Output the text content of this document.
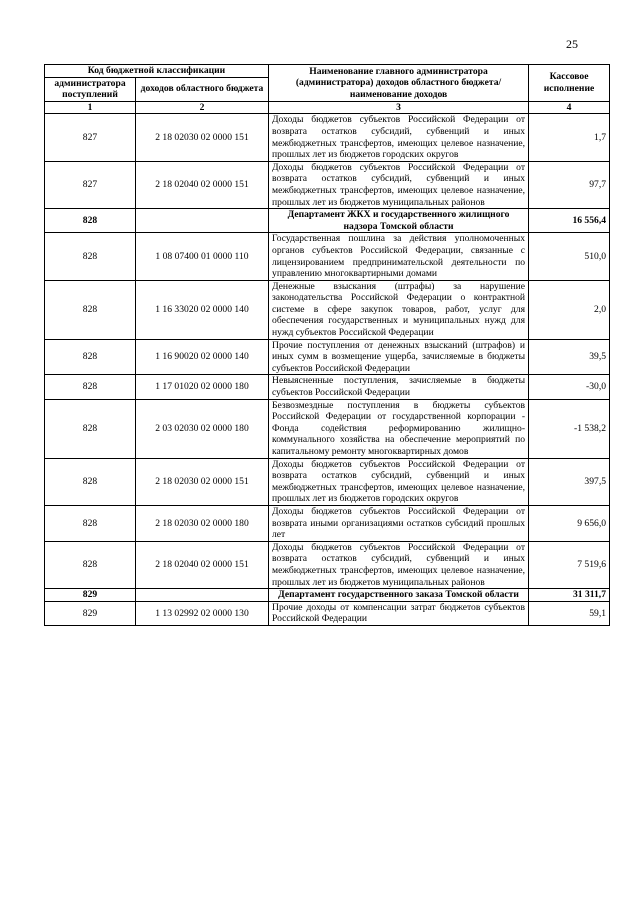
25
Код бюджетной классификации		Наименование главного администратора (администратора) доходов областного бюджета/ наименование доходов	Кассовое исполнение
администратора поступлений	доходов областного бюджета		
1	2	3	4
827	2 18 02030 02 0000 151	Доходы бюджетов субъектов Российской Федерации от возврата остатков субсидий, субвенций и иных межбюджетных трансфертов, имеющих целевое назначение, прошлых лет из бюджетов городских округов	1,7
827	2 18 02040 02 0000 151	Доходы бюджетов субъектов Российской Федерации от возврата остатков субсидий, субвенций и иных межбюджетных трансфертов, имеющих целевое назначение, прошлых лет из бюджетов муниципальных районов	97,7
828		Департамент ЖКХ и государственного жилищного надзора Томской области	16 556,4
828	1 08 07400 01 0000 110	Государственная пошлина за действия уполномоченных органов субъектов Российской Федерации, связанные с лицензированием предпринимательской деятельности по управлению многоквартирными домами	510,0
828	1 16 33020 02 0000 140	Денежные взыскания (штрафы) за нарушение законодательства Российской Федерации о контрактной системе в сфере закупок товаров, работ, услуг для обеспечения государственных и муниципальных нужд для нужд субъектов Российской Федерации	2,0
828	1 16 90020 02 0000 140	Прочие поступления от денежных взысканий (штрафов) и иных сумм в возмещение ущерба, зачисляемые в бюджеты субъектов Российской Федерации	39,5
828	1 17 01020 02 0000 180	Невыясненные поступления, зачисляемые в бюджеты субъектов Российской Федерации	-30,0
828	2 03 02030 02 0000 180	Безвозмездные поступления в бюджеты субъектов Российской Федерации от государственной корпорации - Фонда содействия реформированию жилищно-коммунального хозяйства на обеспечение мероприятий по капитальному ремонту многоквартирных домов	-1 538,2
828	2 18 02030 02 0000 151	Доходы бюджетов субъектов Российской Федерации от возврата остатков субсидий, субвенций и иных межбюджетных трансфертов, имеющих целевое назначение, прошлых лет из бюджетов городских округов	397,5
828	2 18 02030 02 0000 180	Доходы бюджетов субъектов Российской Федерации от возврата иными организациями остатков субсидий прошлых лет	9 656,0
828	2 18 02040 02 0000 151	Доходы бюджетов субъектов Российской Федерации от возврата остатков субсидий, субвенций и иных межбюджетных трансфертов, имеющих целевое назначение, прошлых лет из бюджетов муниципальных районов	7 519,6
829		Департамент государственного заказа Томской области	31 311,7
829	1 13 02992 02 0000 130	Прочие доходы от компенсации затрат бюджетов субъектов Российской Федерации	59,1
